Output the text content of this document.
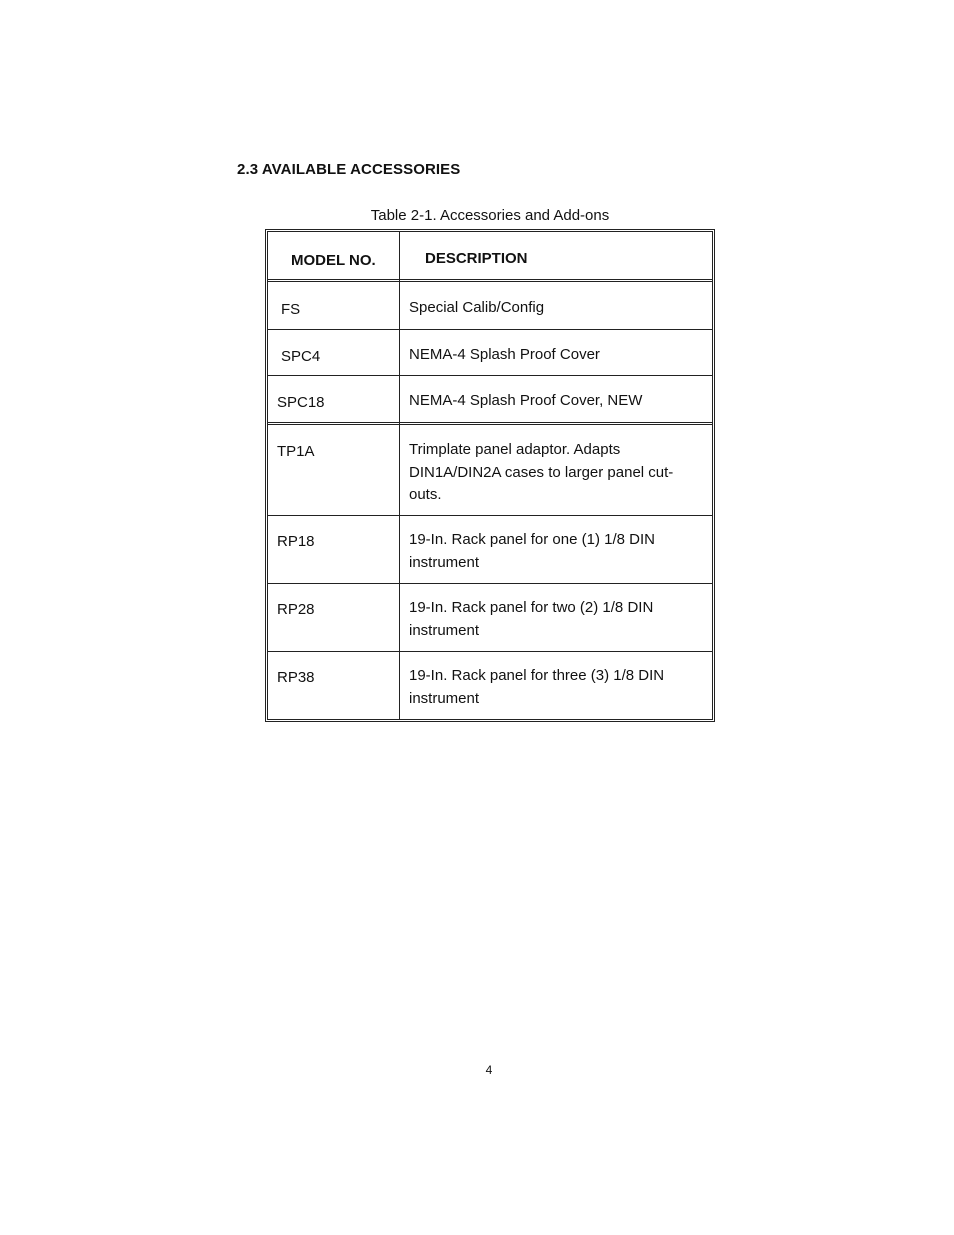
2.3 AVAILABLE ACCESSORIES
Table 2-1. Accessories and Add-ons
MODEL NO.	DESCRIPTION
FS	Special Calib/Config
SPC4	NEMA-4 Splash Proof Cover
SPC18	NEMA-4 Splash Proof Cover, NEW
TP1A	Trimplate panel adaptor. Adapts DIN1A/DIN2A cases to larger panel cut-outs.
RP18	19-In. Rack panel for one (1) 1/8 DIN instrument
RP28	19-In. Rack panel for two (2) 1/8 DIN instrument
RP38	19-In. Rack panel for three (3) 1/8 DIN instrument
4
